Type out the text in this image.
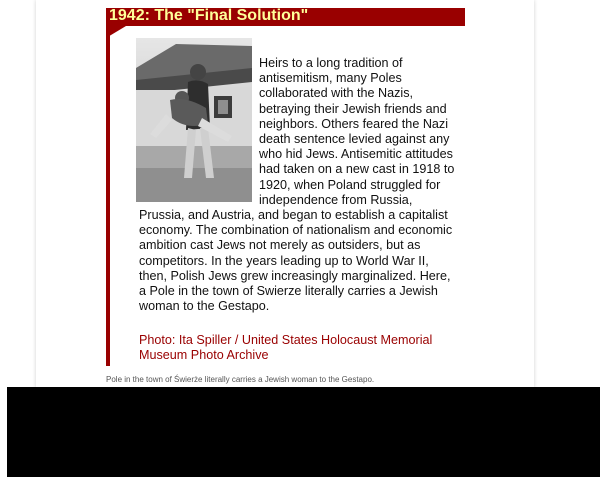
1942: The "Final Solution"
Heirs to a long tradition of antisemitism, many Poles collaborated with the Nazis, betraying their Jewish friends and neighbors. Others feared the Nazi death sentence levied against any who hid Jews. Antisemitic attitudes had taken on a new cast in 1918 to 1920, when Poland struggled for independence from Russia, Prussia, and Austria, and began to establish a capitalist economy. The combination of nationalism and economic ambition cast Jews not merely as outsiders, but as competitors. In the years leading up to World War II, then, Polish Jews grew increasingly marginalized. Here, a Pole in the town of Swierze literally carries a Jewish woman to the Gestapo.
Photo: Ita Spiller / United States Holocaust Memorial Museum Photo Archive
Pole in the town of Świerże literally carries a Jewish woman to the Gestapo.
